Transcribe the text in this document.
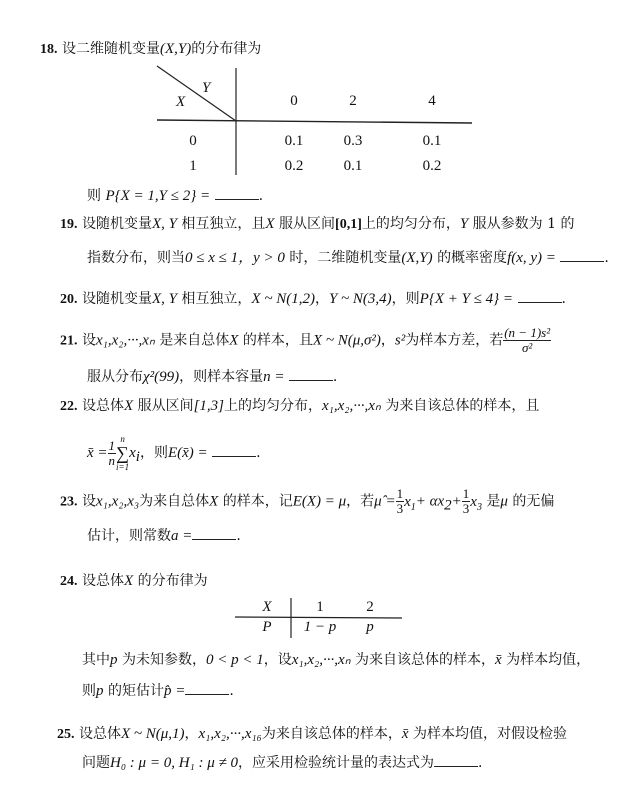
18. 设二维随机变量(X,Y)的分布律为
Y
X	0	2	4
0	0.1	0.3	0.1
1	0.2	0.1	0.2
则 P{X = 1,Y ≤ 2} =	.
19. 设随机变量X, Y 相互独立，且X 服从区间[0,1]上的均匀分布，Y 服从参数为 1 的
指数分布，则当0 ≤ x ≤ 1，y > 0 时，二维随机变量(X,Y) 的概率密度f(x, y) =	.
20. 设随机变量X, Y 相互独立，X ~ N(1,2)，Y ~ N(3,4)，则P{X + Y ≤ 4} =	.
21. 设x₁,x₂,···,xₙ 是来自总体X 的样本，且X ~ N(μ,σ²)，s²为样本方差，若 $\frac{\text{(n − 1)s²}}{\text{σ²}}$
服从分布χ²(99)，则样本容量n =	.
22. 设总体X 服从区间[1,3]上的均匀分布，x₁,x₂,···,xₙ 为来自该总体的样本，且
x̄ = $\frac{1}{n}$ n
∑
i=1
$x_i$，则E(x̄) =	.
23. 设x₁,x₂,x₃为来自总体X 的样本，记E(X) = μ，若μ̂ = $\frac{1}{3} x_1+ \alpha x_2+ \frac{1}{3} x_3$ 是μ 的无偏
估计，则常数a =	.
24. 设总体X 的分布律为
X	1	2
P	1 − p	p
其中p 为未知参数，0 < p < 1，设x₁,x₂,···,xₙ 为来自该总体的样本，x̄ 为样本均值，
则p 的矩估计p̂ =	.
25. 设总体X ~ N(μ,1)，x₁,x₂,···,x₁₆为来自该总体的样本，x̄ 为样本均值，对假设检验
问题H₀ : μ = 0, H₁ : μ ≠ 0，应采用检验统计量的表达式为	.
